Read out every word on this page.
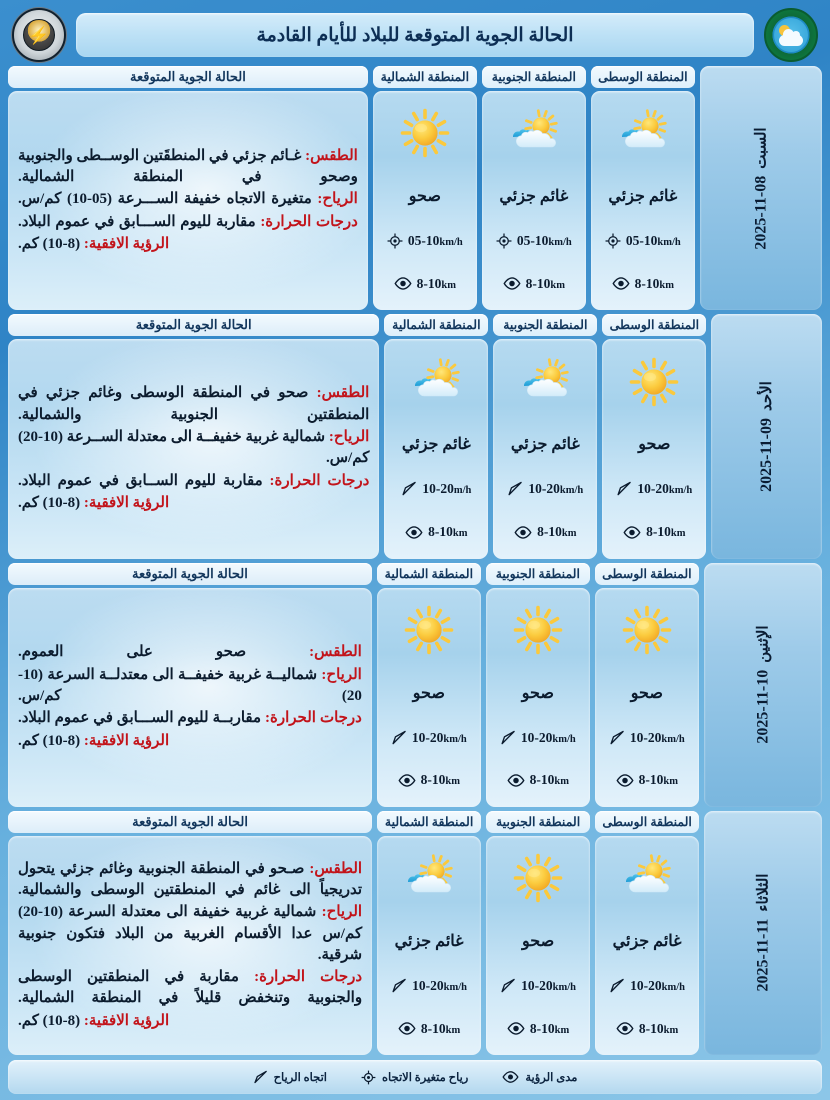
الحالة الجوية المتوقعة للبلاد للأيام القادمة
⚡
السبت
2025-11-08
المنطقة الوسطى
غائم جزئي
05-10km/h
8-10km
المنطقة الجنوبية
غائم جزئي
05-10km/h
8-10km
المنطقة الشمالية
صحو
05-10km/h
8-10km
الحالة الجوية المتوقعة
الطقس: غـائم جزئي في المنطقَتين الوســطى والجنوبية وصحو في المنطقة الشمالية.
الرياح: متغيرة الاتجاه خفيفة الســـرعة (05-10) كم/س.
درجات الحرارة: مقاربة لليوم الســـابق في عموم البلاد.
الرؤية الافقية: (8-10) كم.
الأحد
2025-11-09
المنطقة الوسطى
صحو
10-20km/h
8-10km
المنطقة الجنوبية
غائم جزئي
10-20km/h
8-10km
المنطقة الشمالية
غائم جزئي
10-20m/h
8-10km
الحالة الجوية المتوقعة
الطقس: صحو في المنطقة الوسطى وغائم جزئي في المنطقتين الجنوبية والشمالية.
الرياح: شمالية غربية خفيفــة الى معتدلة الســرعة (10-20) كم/س.
درجات الحرارة: مقاربة لليوم الســابق في عموم البلاد.
الرؤية الافقية: (8-10) كم.
الإثنين
2025-11-10
المنطقة الوسطى
صحو
10-20km/h
8-10km
المنطقة الجنوبية
صحو
10-20km/h
8-10km
المنطقة الشمالية
صحو
10-20km/h
8-10km
الحالة الجوية المتوقعة
الطقس: صحو على العموم.
الرياح: شماليــة غربية خفيفــة الى معتدلــة السرعة (10-20) كم/س.
درجات الحرارة: مقاربــة لليوم الســـابق في عموم البلاد.
الرؤية الافقية: (8-10) كم.
الثلاثاء
2025-11-11
المنطقة الوسطى
غائم جزئي
10-20km/h
8-10km
المنطقة الجنوبية
صحو
10-20km/h
8-10km
المنطقة الشمالية
غائم جزئي
10-20km/h
8-10km
الحالة الجوية المتوقعة
الطقس: صـحو في المنطقة الجنوبية وغائم جزئي يتحول تدريجياً الى غائم في المنطقتين الوسطى والشمالية.
الرياح: شمالية غربية خفيفة الى معتدلة السرعة (10-20) كم/س عدا الأقسام الغربية من البلاد فتكون جنوبية شرقية.
درجات الحرارة: مقاربة في المنطقتين الوسطى والجنوبية وتنخفض قليلاً في المنطقة الشمالية.
الرؤية الافقية: (8-10) كم.
مدى الرؤية
رياح متغيرة الاتجاه
اتجاه الرياح
